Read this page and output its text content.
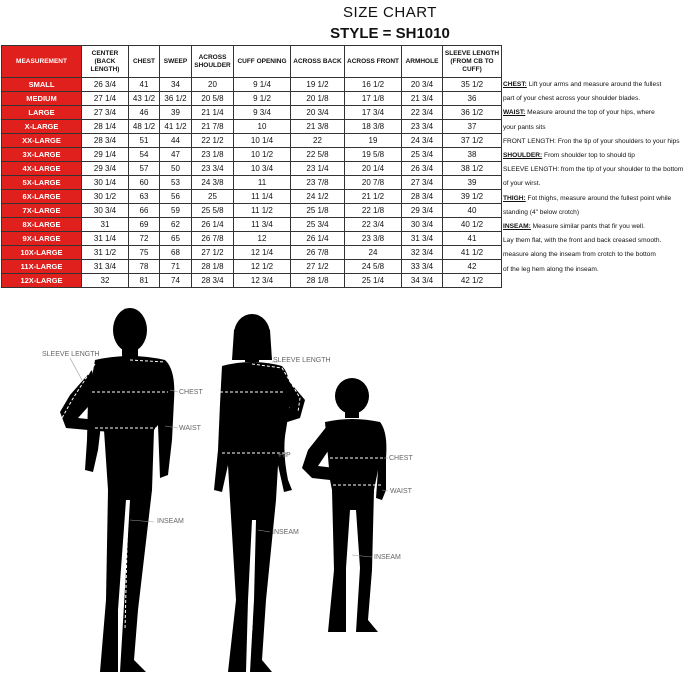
SIZE CHART
STYLE = SH1010
MEASUREMENT	CENTER (BACK LENGTH)	CHEST	SWEEP	ACROSS SHOULDER	CUFF OPENING	ACROSS BACK	ACROSS FRONT	ARMHOLE	SLEEVE LENGTH (FROM CB TO CUFF)
SMALL	26 3/4	41	34	20	9 1/4	19 1/2	16 1/2	20 3/4	35 1/2
MEDIUM	27 1/4	43 1/2	36 1/2	20 5/8	9 1/2	20 1/8	17 1/8	21 3/4	36
LARGE	27 3/4	46	39	21 1/4	9 3/4	20 3/4	17 3/4	22 3/4	36 1/2
X-LARGE	28 1/4	48 1/2	41 1/2	21 7/8	10	21 3/8	18 3/8	23 3/4	37
XX-LARGE	28 3/4	51	44	22 1/2	10 1/4	22	19	24 3/4	37 1/2
3X-LARGE	29 1/4	54	47	23 1/8	10 1/2	22 5/8	19 5/8	25 3/4	38
4X-LARGE	29 3/4	57	50	23 3/4	10 3/4	23 1/4	20 1/4	26 3/4	38 1/2
5X-LARGE	30 1/4	60	53	24 3/8	11	23 7/8	20 7/8	27 3/4	39
6X-LARGE	30 1/2	63	56	25	11 1/4	24 1/2	21 1/2	28 3/4	39 1/2
7X-LARGE	30 3/4	66	59	25 5/8	11 1/2	25 1/8	22 1/8	29 3/4	40
8X-LARGE	31	69	62	26 1/4	11 3/4	25 3/4	22 3/4	30 3/4	40 1/2
9X-LARGE	31 1/4	72	65	26 7/8	12	26 1/4	23 3/8	31 3/4	41
10X-LARGE	31 1/2	75	68	27 1/2	12 1/4	26 7/8	24	32 3/4	41 1/2
11X-LARGE	31 3/4	78	71	28 1/8	12 1/2	27 1/2	24 5/8	33 3/4	42
12X-LARGE	32	81	74	28 3/4	12 3/4	28 1/8	25 1/4	34 3/4	42 1/2
CHEST: Lift your arms and measure around the fullest
part of your chest across your shoulder blades.
WAIST: Measure around the top of your hips, where
your pants sits
FRONT LENGTH: Fron the tip of your shoulders to your hips
SHOULDER: From shoulder top to should tip
SLEEVE LENGTH: from the tip of your shoulder to the bottom
of your wirst.
THIGH: Fot thighs, measure around the fullest point while
standing (4" below crotch)
INSEAM: Measure similar pants that fir you well.
Lay them flat, with the front and back creased smooth.
measure along the inseam from crotch to the bottom
of the leg hem along the inseam.
SLEEVE LENGTH
CHEST
WAIST
INSEAM
SLEEVE LENGTH
HIP
INSEAM
CHEST
WAIST
INSEAM
